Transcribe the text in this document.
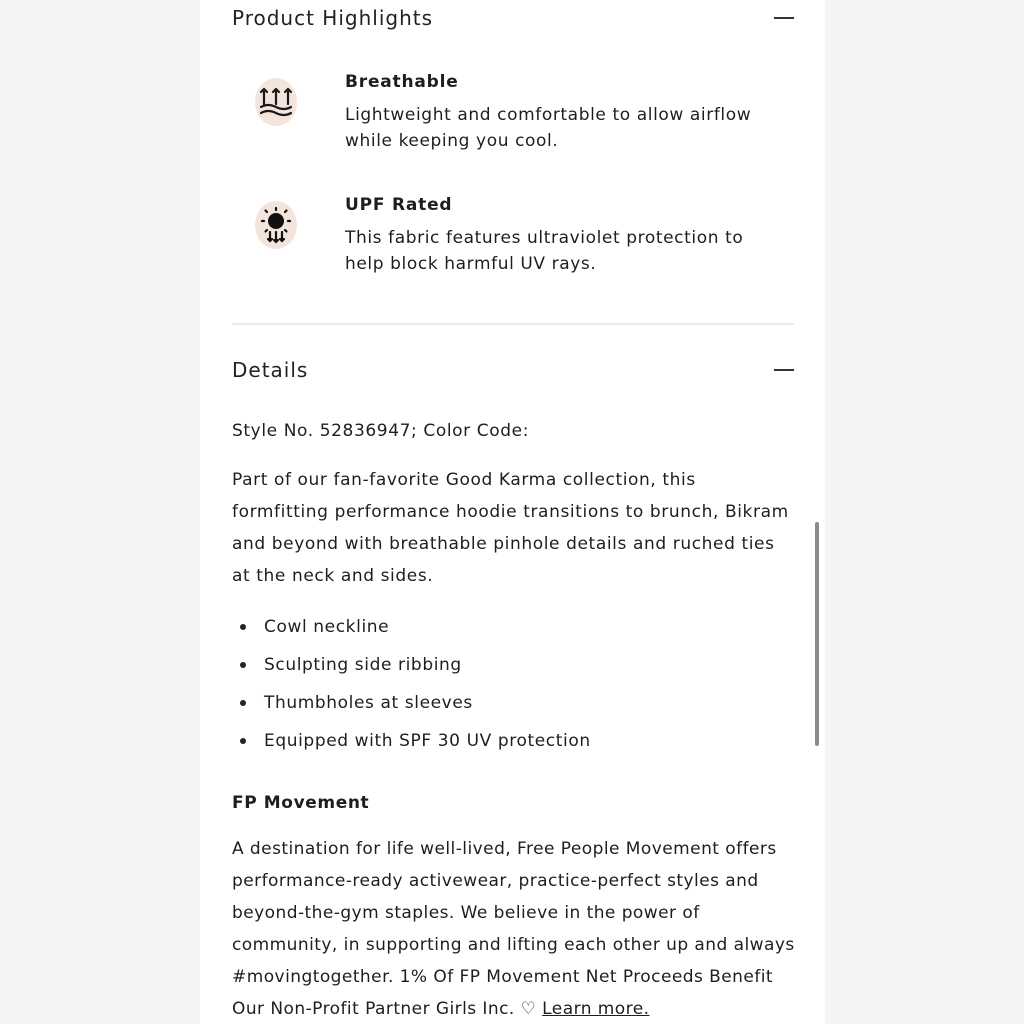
Product Highlights
Breathable
Lightweight and comfortable to allow airflow while keeping you cool.
UPF Rated
This fabric features ultraviolet protection to help block harmful UV rays.
Details
Style No. 52836947; Color Code:
Part of our fan-favorite Good Karma collection, this formfitting performance hoodie transitions to brunch, Bikram and beyond with breathable pinhole details and ruched ties at the neck and sides.
Cowl neckline
Sculpting side ribbing
Thumbholes at sleeves
Equipped with SPF 30 UV protection
FP Movement
A destination for life well-lived, Free People Movement offers performance-ready activewear, practice-perfect styles and beyond-the-gym staples. We believe in the power of community, in supporting and lifting each other up and always #movingtogether. 1% Of FP Movement Net Proceeds Benefit Our Non-Profit Partner Girls Inc. ♡ Learn more.
